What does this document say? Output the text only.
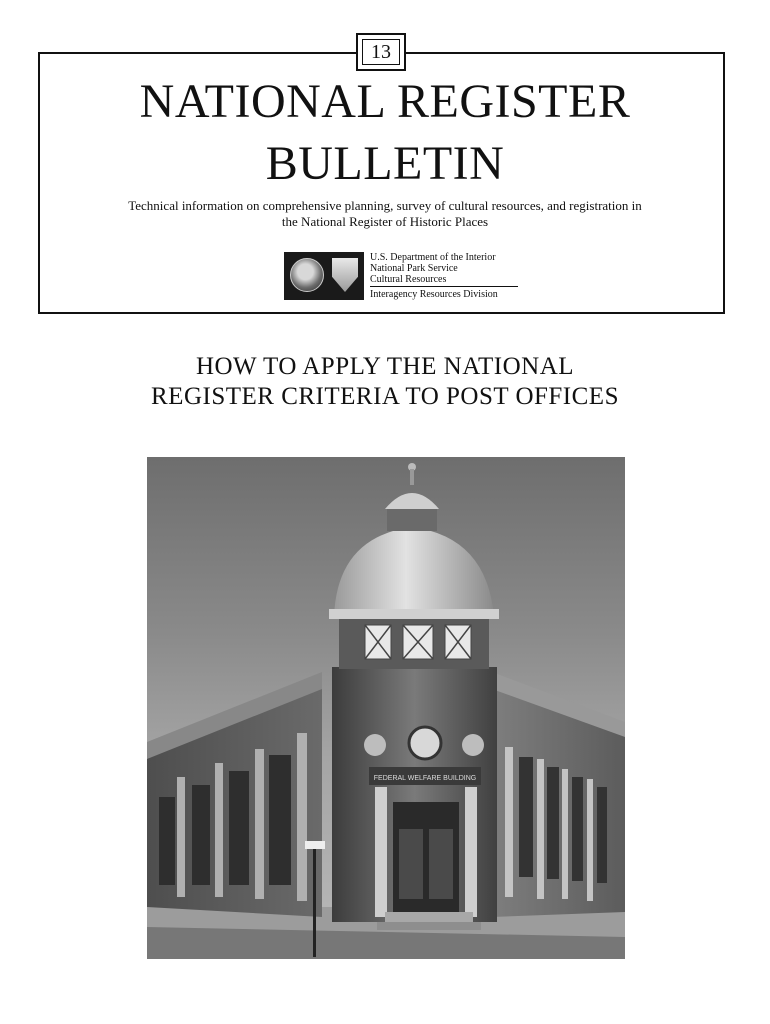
13
NATIONAL REGISTER
BULLETIN
Technical information on comprehensive planning, survey of cultural resources, and registration in
the National Register of Historic Places
U.S. Department of the Interior
National Park Service
Cultural Resources
Interagency Resources Division
HOW TO APPLY THE NATIONAL
REGISTER CRITERIA TO POST OFFICES
FEDERAL WELFARE BUILDING
